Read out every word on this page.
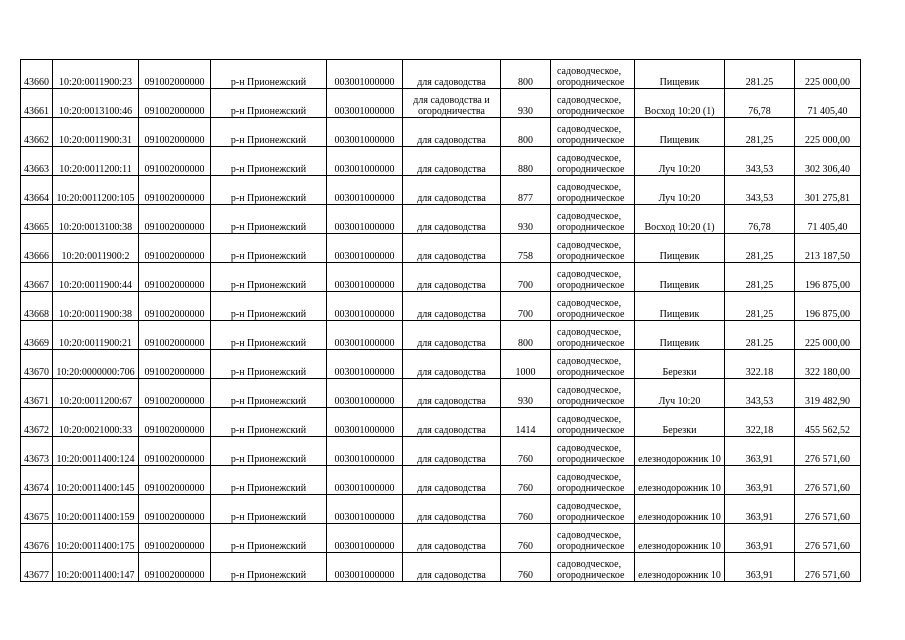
43660	10:20:0011900:23	091002000000	р-н Прионежский	003001000000	для садоводства	800	садоводческое, огородническое	Пищевик	281.25	225 000,00
43661	10:20:0013100:46	091002000000	р-н Прионежский	003001000000	для садоводства и огородничества	930	садоводческое, огородническое	Восход 10:20 (1)	76,78	71 405,40
43662	10:20:0011900:31	091002000000	р-н Прионежский	003001000000	для садоводства	800	садоводческое, огородническое	Пищевик	281,25	225 000,00
43663	10:20:0011200:11	091002000000	р-н Прионежский	003001000000	для садоводства	880	садоводческое, огородническое	Луч 10:20	343,53	302 306,40
43664	10:20:0011200:105	091002000000	р-н Прионежский	003001000000	для садоводства	877	садоводческое, огородническое	Луч 10:20	343,53	301 275,81
43665	10:20:0013100:38	091002000000	р-н Прионежский	003001000000	для садоводства	930	садоводческое, огородническое	Восход 10:20 (1)	76,78	71 405,40
43666	10:20:0011900:2	091002000000	р-н Прионежский	003001000000	для садоводства	758	садоводческое, огородническое	Пищевик	281,25	213 187,50
43667	10:20:0011900:44	091002000000	р-н Прионежский	003001000000	для садоводства	700	садоводческое, огородническое	Пищевик	281,25	196 875,00
43668	10:20:0011900:38	091002000000	р-н Прионежский	003001000000	для садоводства	700	садоводческое, огородническое	Пищевик	281,25	196 875,00
43669	10:20:0011900:21	091002000000	р-н Прионежский	003001000000	для садоводства	800	садоводческое, огородническое	Пищевик	281.25	225 000,00
43670	10:20:0000000:706	091002000000	р-н Прионежский	003001000000	для садоводства	1000	садоводческое, огородническое	Березки	322.18	322 180,00
43671	10:20:0011200:67	091002000000	р-н Прионежский	003001000000	для садоводства	930	садоводческое, огородническое	Луч 10:20	343,53	319 482,90
43672	10:20:0021000:33	091002000000	р-н Прионежский	003001000000	для садоводства	1414	садоводческое, огородническое	Березки	322,18	455 562,52
43673	10:20:0011400:124	091002000000	р-н Прионежский	003001000000	для садоводства	760	садоводческое, огородническое	елезнодорожник 10	363,91	276 571,60
43674	10:20:0011400:145	091002000000	р-н Прионежский	003001000000	для садоводства	760	садоводческое, огородническое	елезнодорожник 10	363,91	276 571,60
43675	10:20:0011400:159	091002000000	р-н Прионежский	003001000000	для садоводства	760	садоводческое, огородническое	елезнодорожник 10	363,91	276 571,60
43676	10:20:0011400:175	091002000000	р-н Прионежский	003001000000	для садоводства	760	садоводческое, огородническое	елезнодорожник 10	363,91	276 571,60
43677	10:20:0011400:147	091002000000	р-н Прионежский	003001000000	для садоводства	760	садоводческое, огородническое	елезнодорожник 10	363,91	276 571,60
